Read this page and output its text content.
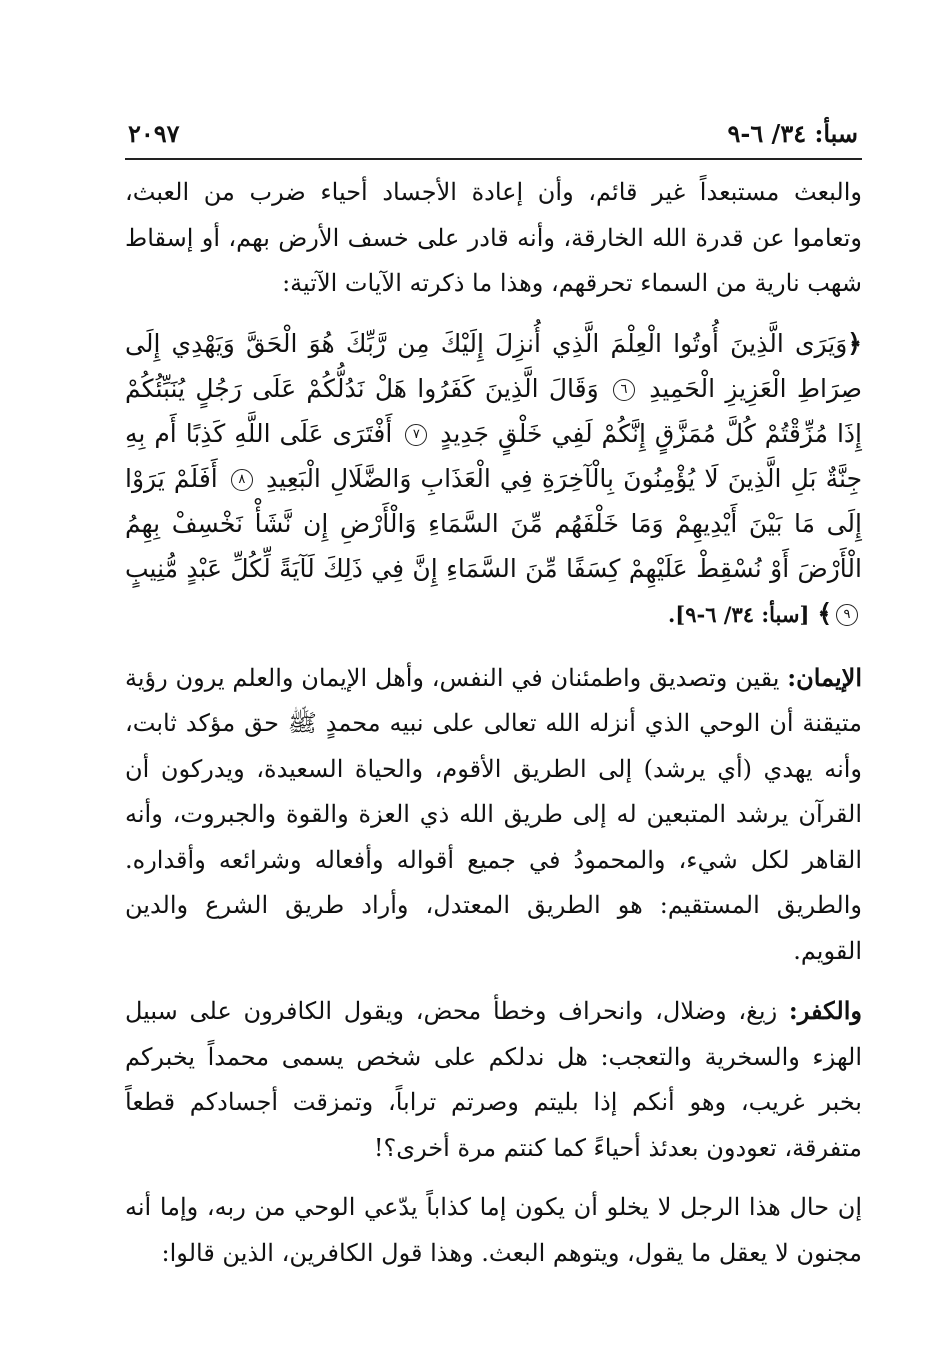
سبأ: ٣٤/ ٦-٩
٢٠٩٧

والبعث مستبعداً غير قائم، وأن إعادة الأجساد أحياء ضرب من العبث، وتعاموا عن قدرة الله الخارقة، وأنه قادر على خسف الأرض بهم، أو إسقاط شهب نارية من السماء تحرقهم، وهذا ما ذكرته الآيات الآتية:

﴿وَيَرَى الَّذِينَ أُوتُوا الْعِلْمَ الَّذِي أُنزِلَ إِلَيْكَ مِن رَّبِّكَ هُوَ الْحَقَّ وَيَهْدِي إِلَى صِرَاطِ الْعَزِيزِ الْحَمِيدِ ٦ وَقَالَ الَّذِينَ كَفَرُوا هَلْ نَدُلُّكُمْ عَلَى رَجُلٍ يُنَبِّئُكُمْ إِذَا مُزِّقْتُمْ كُلَّ مُمَزَّقٍ إِنَّكُمْ لَفِي خَلْقٍ جَدِيدٍ ٧ أَفْتَرَى عَلَى اللَّهِ كَذِبًا أَم بِهِ جِنَّةٌ بَلِ الَّذِينَ لَا يُؤْمِنُونَ بِالْآخِرَةِ فِي الْعَذَابِ وَالضَّلَالِ الْبَعِيدِ ٨ أَفَلَمْ يَرَوْا إِلَى مَا بَيْنَ أَيْدِيهِمْ وَمَا خَلْفَهُم مِّنَ السَّمَاءِ وَالْأَرْضِ إِن نَّشَأْ نَخْسِفْ بِهِمُ الْأَرْضَ أَوْ نُسْقِطْ عَلَيْهِمْ كِسَفًا مِّنَ السَّمَاءِ إِنَّ فِي ذَلِكَ لَآيَةً لِّكُلِّ عَبْدٍ مُّنِيبٍ ٩﴾ [سبأ: ٣٤/ ٦-٩].

الإيمان: يقين وتصديق واطمئنان في النفس، وأهل الإيمان والعلم يرون رؤية متيقنة أن الوحي الذي أنزله الله تعالى على نبيه محمدٍ ﷺ حق مؤكد ثابت، وأنه يهدي (أي يرشد) إلى الطريق الأقوم، والحياة السعيدة، ويدركون أن القرآن يرشد المتبعين له إلى طريق الله ذي العزة والقوة والجبروت، وأنه القاهر لكل شيء، والمحمودُ في جميع أقواله وأفعاله وشرائعه وأقداره. والطريق المستقيم: هو الطريق المعتدل، وأراد طريق الشرع والدين القويم.

والكفر: زيغ، وضلال، وانحراف وخطأ محض، ويقول الكافرون على سبيل الهزء والسخرية والتعجب: هل ندلكم على شخص يسمى محمداً يخبركم بخبر غريب، وهو أنكم إذا بليتم وصرتم تراباً، وتمزقت أجسادكم قطعاً متفرقة، تعودون بعدئذ أحياءً كما كنتم مرة أخرى؟!

إن حال هذا الرجل لا يخلو أن يكون إما كذاباً يدّعي الوحي من ربه، وإما أنه مجنون لا يعقل ما يقول، ويتوهم البعث. وهذا قول الكافرين، الذين قالوا:
